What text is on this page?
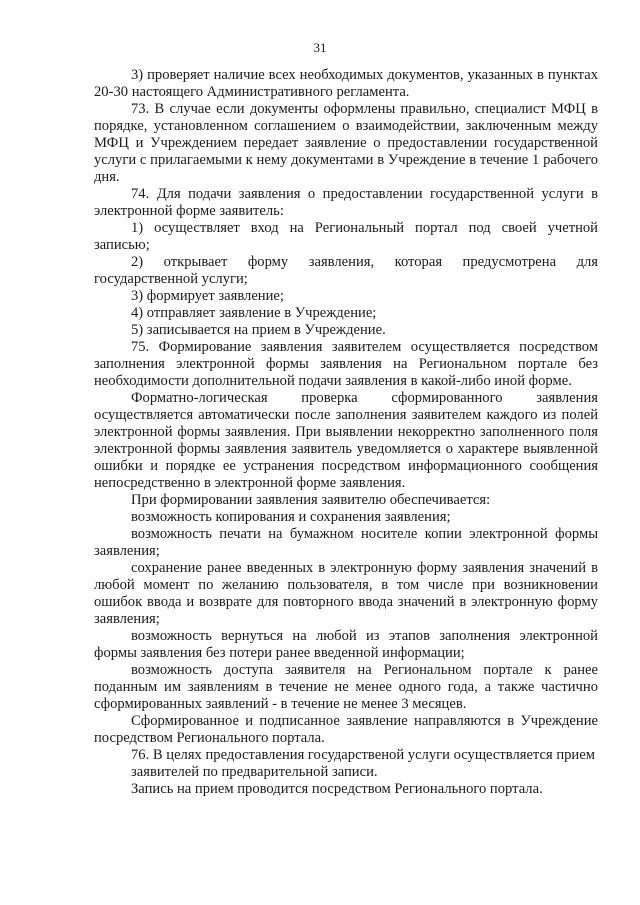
31

3) проверяет наличие всех необходимых документов, указанных в пунктах 20-30 настоящего Административного регламента.

73. В случае если документы оформлены правильно, специалист МФЦ в порядке, установленном соглашением о взаимодействии, заключенным между МФЦ и Учреждением передает заявление о предоставлении государственной услуги с прилагаемыми к нему документами в Учреждение в течение 1 рабочего дня.

74. Для подачи заявления о предоставлении государственной услуги в электронной форме заявитель:

1) осуществляет вход на Региональный портал под своей учетной записью;

2) открывает форму заявления, которая предусмотрена для государственной услуги;

3) формирует заявление;

4) отправляет заявление в Учреждение;

5) записывается на прием в Учреждение.

75. Формирование заявления заявителем осуществляется посредством заполнения электронной формы заявления на Региональном портале без необходимости дополнительной подачи заявления в какой-либо иной форме.

Форматно-логическая проверка сформированного заявления осуществляется автоматически после заполнения заявителем каждого из полей электронной формы заявления. При выявлении некорректно заполненного поля электронной формы заявления заявитель уведомляется о характере выявленной ошибки и порядке ее устранения посредством информационного сообщения непосредственно в электронной форме заявления.

При формировании заявления заявителю обеспечивается:

возможность копирования и сохранения заявления;

возможность печати на бумажном носителе копии электронной формы заявления;

сохранение ранее введенных в электронную форму заявления значений в любой момент по желанию пользователя, в том числе при возникновении ошибок ввода и возврате для повторного ввода значений в электронную форму заявления;

возможность вернуться на любой из этапов заполнения электронной формы заявления без потери ранее введенной информации;

возможность доступа заявителя на Региональном портале к ранее поданным им заявлениям в течение не менее одного года, а также частично сформированных заявлений - в течение не менее 3 месяцев.

Сформированное и подписанное заявление направляются в Учреждение посредством Регионального портала.

76. В целях предоставления государственой услуги осуществляется прием заявителей по предварительной записи.

Запись на прием проводится посредством Регионального портала.
